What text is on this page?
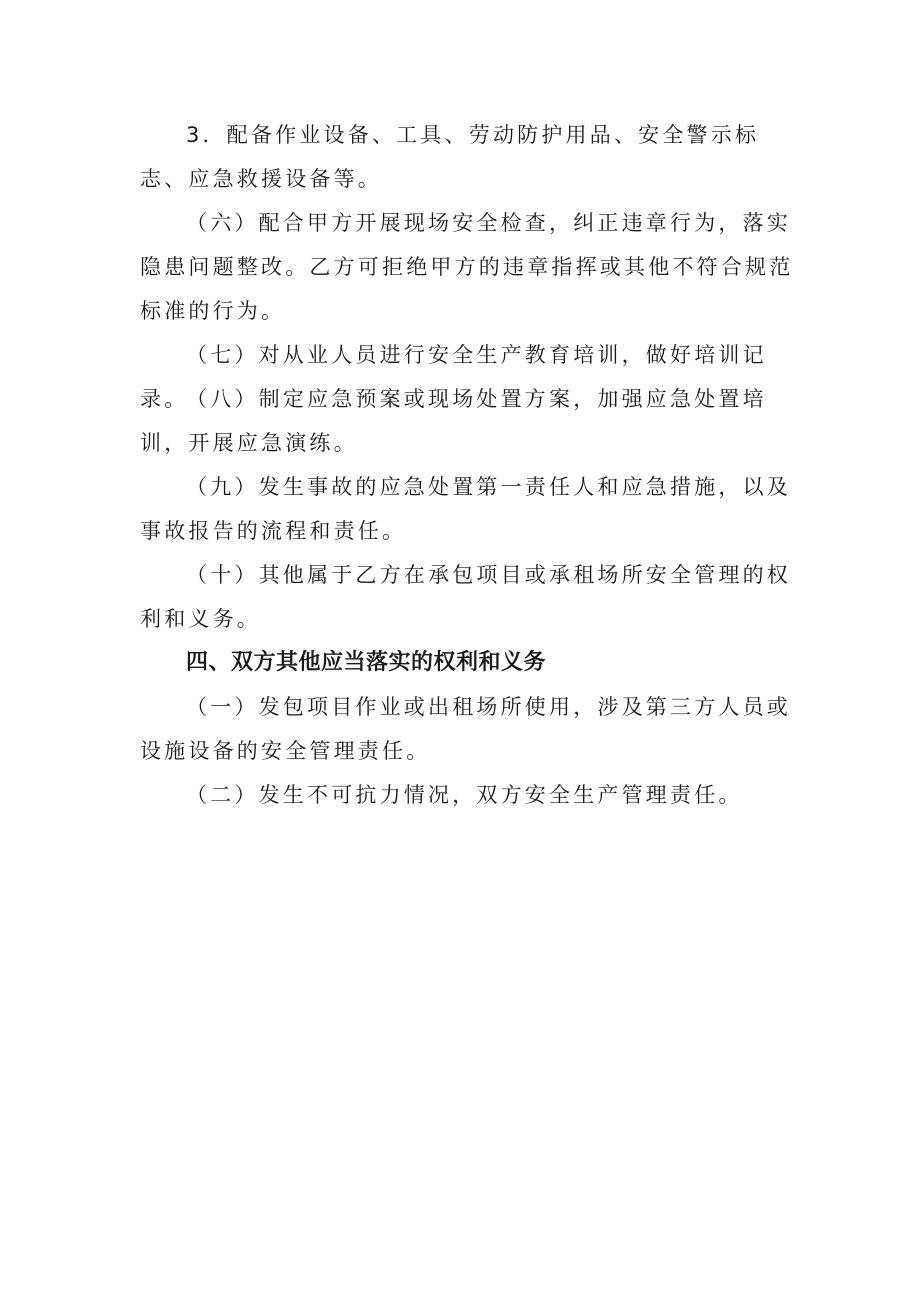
3．配备作业设备、工具、劳动防护用品、安全警示标志、应急救援设备等。

（六）配合甲方开展现场安全检查，纠正违章行为，落实隐患问题整改。乙方可拒绝甲方的违章指挥或其他不符合规范标准的行为。

（七）对从业人员进行安全生产教育培训，做好培训记录。

（八）制定应急预案或现场处置方案，加强应急处置培训，开展应急演练。

（九）发生事故的应急处置第一责任人和应急措施，以及事故报告的流程和责任。

（十）其他属于乙方在承包项目或承租场所安全管理的权利和义务。

四、双方其他应当落实的权利和义务

（一）发包项目作业或出租场所使用，涉及第三方人员或设施设备的安全管理责任。

（二）发生不可抗力情况，双方安全生产管理责任。
